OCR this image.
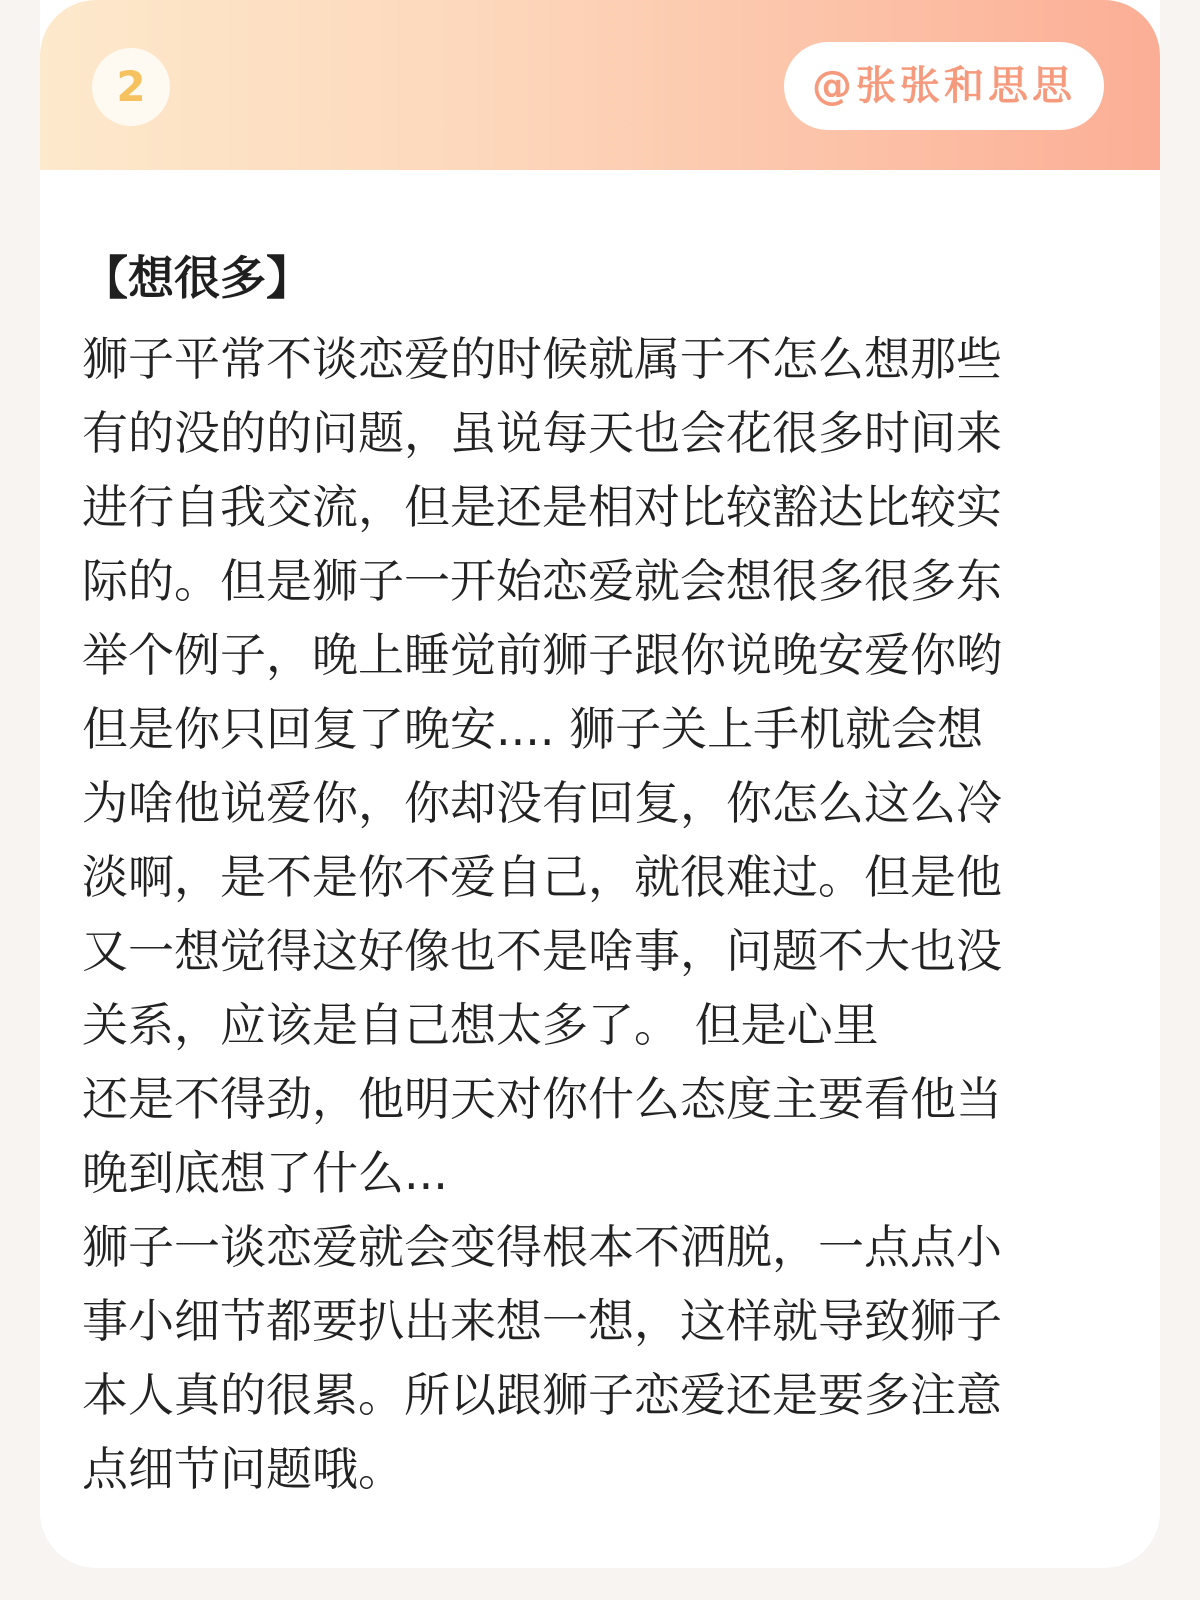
2	@张张和思思
【想很多】
狮子平常不谈恋爱的时候就属于不怎么想那些
有的没的的问题，虽说每天也会花很多时间来
进行自我交流，但是还是相对比较豁达比较实
际的。但是狮子一开始恋爱就会想很多很多东
举个例子，晚上睡觉前狮子跟你说晚安爱你哟
但是你只回复了晚安.... 狮子关上手机就会想
为啥他说爱你，你却没有回复，你怎么这么冷
淡啊，是不是你不爱自己，就很难过。但是他
又一想觉得这好像也不是啥事，问题不大也没
关系，应该是自己想太多了。 但是心里
还是不得劲，他明天对你什么态度主要看他当
晚到底想了什么...
狮子一谈恋爱就会变得根本不洒脱，一点点小
事小细节都要扒出来想一想，这样就导致狮子
本人真的很累。所以跟狮子恋爱还是要多注意
点细节问题哦。
